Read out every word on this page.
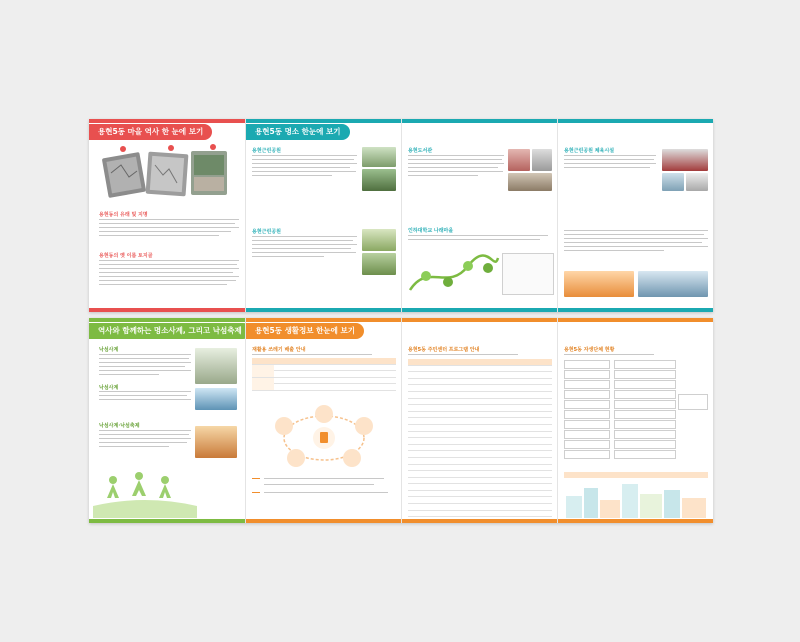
용현5동 마을 역사 한 눈에 보기
용현동의 유래 및 지명
용현동의 옛 이름 토지골
용현5동 명소 한눈에 보기
용현근린공원
용현근린공원
용현도서관
인하대학교 나래마을
용현근린공원 체육시설
역사와 함께하는 명소사계, 그리고 낙섬축제
낙섬사계
낙섬사계
낙섬사계·낙섬축제
용현5동 생활정보 한눈에 보기
재활용 쓰레기 배출 안내

						용현5동 주민센터 프로그램 안내

					용현5동 자생단체 현황
